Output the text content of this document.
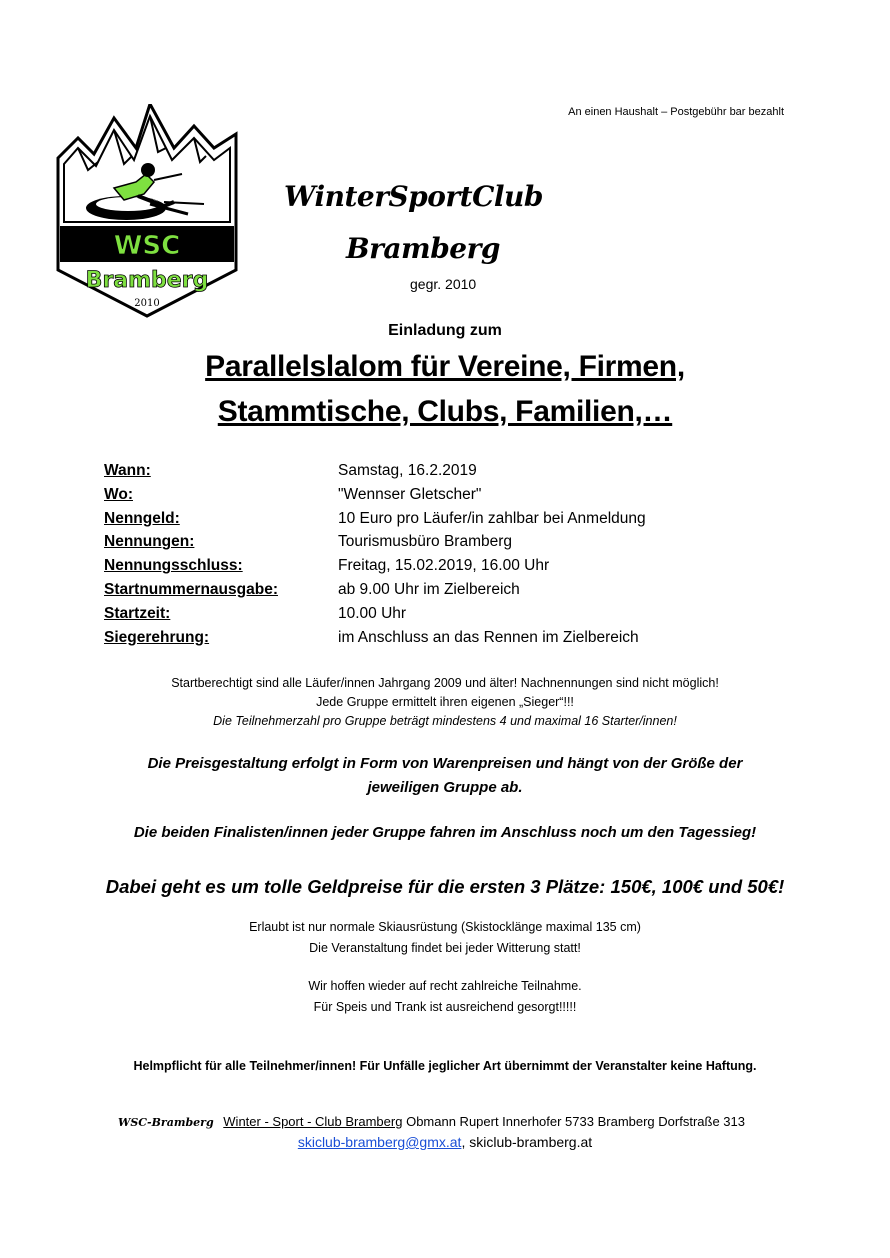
An einen Haushalt – Postgebühr bar bezahlt
WSC
Bramberg
2010
WinterSportClub
Bramberg
gegr. 2010
Einladung zum
Parallelslalom für Vereine, Firmen,
Stammtische, Clubs, Familien,…
Wann:	Samstag, 16.2.2019
Wo:	"Wennser Gletscher"
Nenngeld:	10 Euro pro Läufer/in zahlbar bei Anmeldung
Nennungen:	Tourismusbüro Bramberg
Nennungsschluss:	Freitag, 15.02.2019, 16.00 Uhr
Startnummernausgabe:	ab 9.00 Uhr im Zielbereich
Startzeit:	10.00 Uhr
Siegerehrung:	im Anschluss an das Rennen im Zielbereich
Startberechtigt sind alle Läufer/innen Jahrgang 2009 und älter! Nachnennungen sind nicht möglich!
Jede Gruppe ermittelt ihren eigenen „Sieger“!!!
Die Teilnehmerzahl pro Gruppe beträgt mindestens 4 und maximal 16 Starter/innen!
Die Preisgestaltung erfolgt in Form von Warenpreisen und hängt von der Größe der
jeweiligen Gruppe ab.
Die beiden Finalisten/innen jeder Gruppe fahren im Anschluss noch um den Tagessieg!
Dabei geht es um tolle Geldpreise für die ersten 3 Plätze: 150€, 100€ und 50€!
Erlaubt ist nur normale Skiausrüstung (Skistocklänge maximal 135 cm)
Die Veranstaltung findet bei jeder Witterung statt!
Wir hoffen wieder auf recht zahlreiche Teilnahme.
Für Speis und Trank ist ausreichend gesorgt!!!!!
Helmpflicht für alle Teilnehmer/innen! Für Unfälle jeglicher Art übernimmt der Veranstalter keine Haftung.
WSC-Bramberg Winter - Sport - Club Bramberg Obmann Rupert Innerhofer 5733 Bramberg Dorfstraße 313
skiclub-bramberg@gmx.at, skiclub-bramberg.at
